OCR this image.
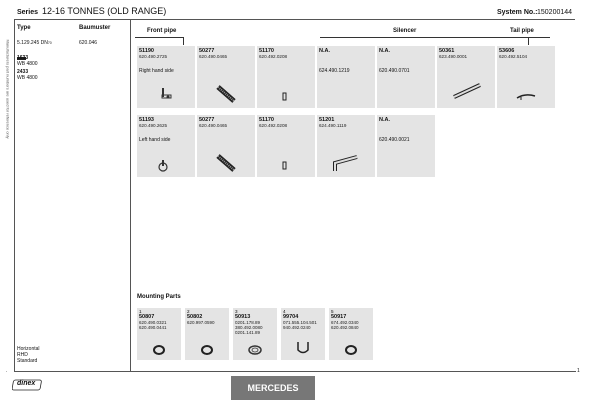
Series 12-16 TONNES (OLD RANGE)	System No.: 150200144
Type	Baumuster
5.129.245 DN70	620.046
1633
WB 4800
2433
WB 4800
Manufacturers part numbers are used for reference only
Horizontal
RHD
Standard
Front pipe	Silencer	Tail pipe
51190
620.490.2725
Right hand side
50277
620.490.0465
51170
620.492.0208
N.A.
624.490.1219
N.A.
620.490.0701
50361
623.490.0001
53606
620.492.5104
51193
620.490.2625
Left hand side
50277
620.490.0465
51170
620.492.0208
51201
624.490.1119
N.A.
620.490.0021
Mounting Parts
1
50807
620.490.0321
620.490.0441
2
50802
620.997.0590
3
50913
0201.178.89
380.492.0080
0201.141.89
4
99704
071.555.104.501
940.492.0240
5
50917
674.492.0340
620.492.0840
.	1
dinex	MERCEDES
